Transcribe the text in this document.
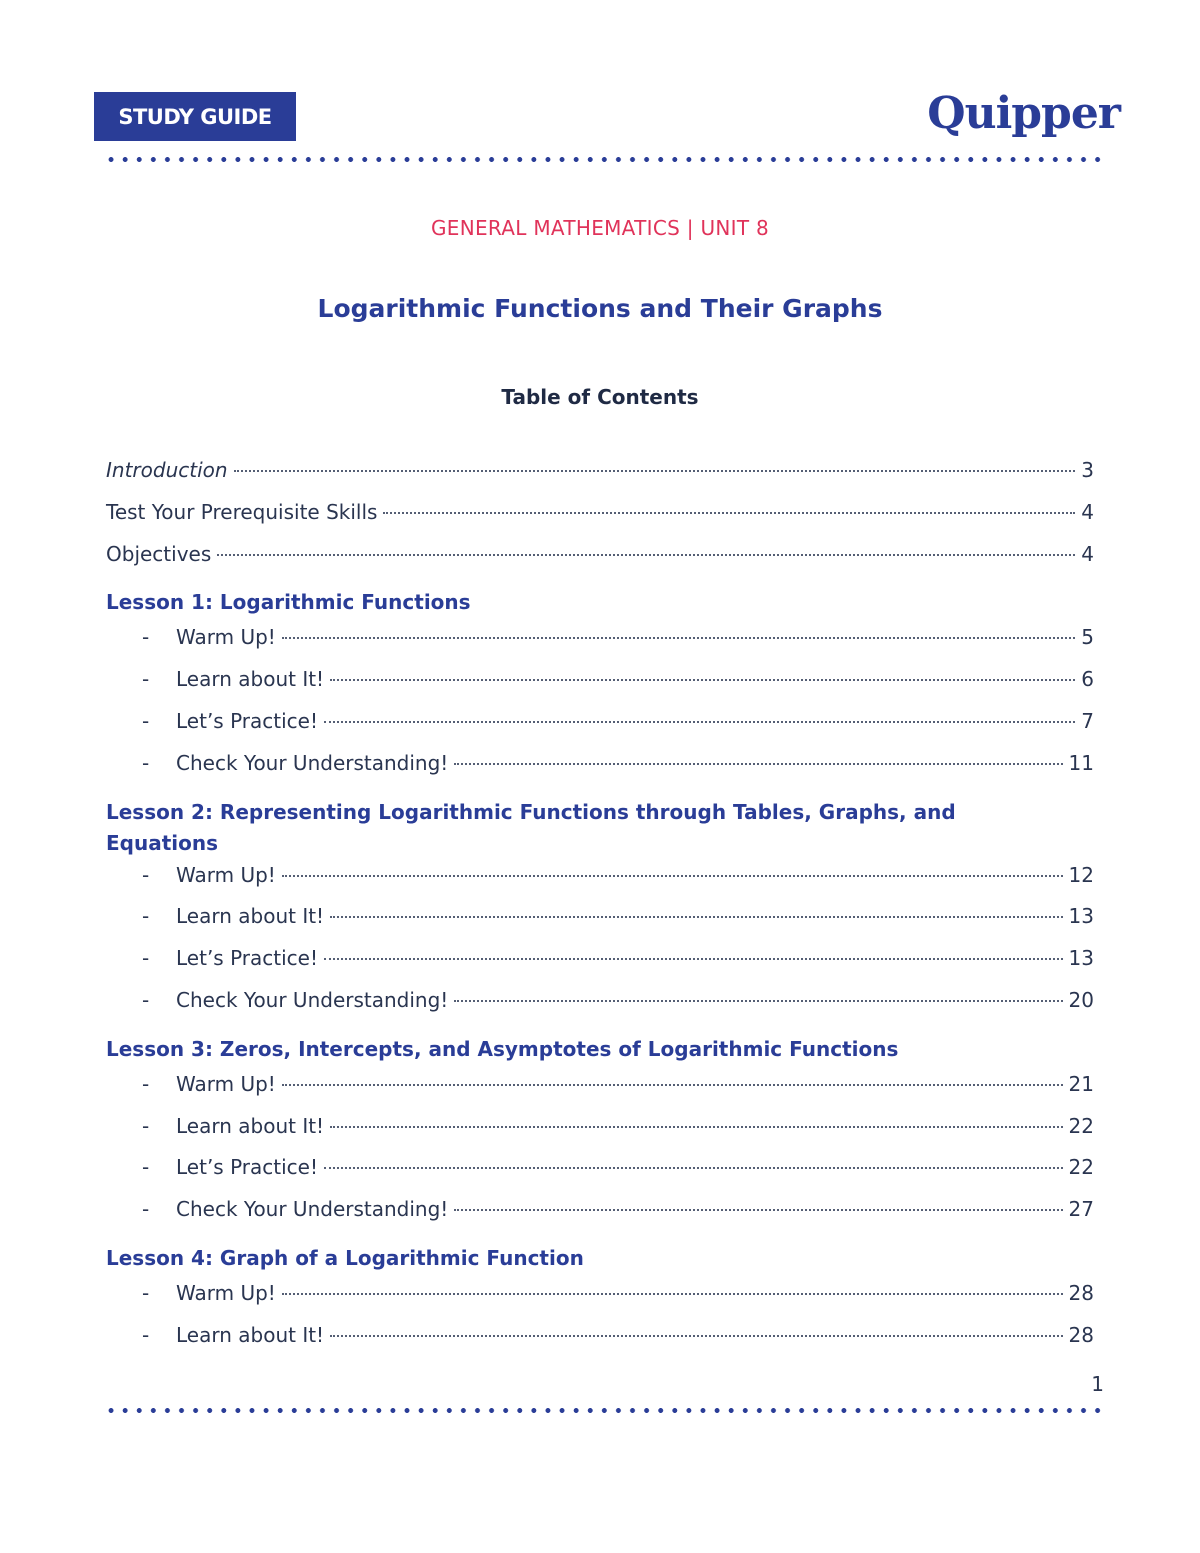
STUDY GUIDE	Quipper
GENERAL MATHEMATICS | UNIT 8
Logarithmic Functions and Their Graphs
Table of Contents
Introduction	3
Test Your Prerequisite Skills	4
Objectives	4
Lesson 1: Logarithmic Functions
-	Warm Up!	5
-	Learn about It!	6
-	Let’s Practice!	7
-	Check Your Understanding!	11
Lesson 2: Representing Logarithmic Functions through Tables, Graphs, and Equations
-	Warm Up!	12
-	Learn about It!	13
-	Let’s Practice!	13
-	Check Your Understanding!	20
Lesson 3: Zeros, Intercepts, and Asymptotes of Logarithmic Functions
-	Warm Up!	21
-	Learn about It!	22
-	Let’s Practice!	22
-	Check Your Understanding!	27
Lesson 4: Graph of a Logarithmic Function
-	Warm Up!	28
-	Learn about It!	28
1
